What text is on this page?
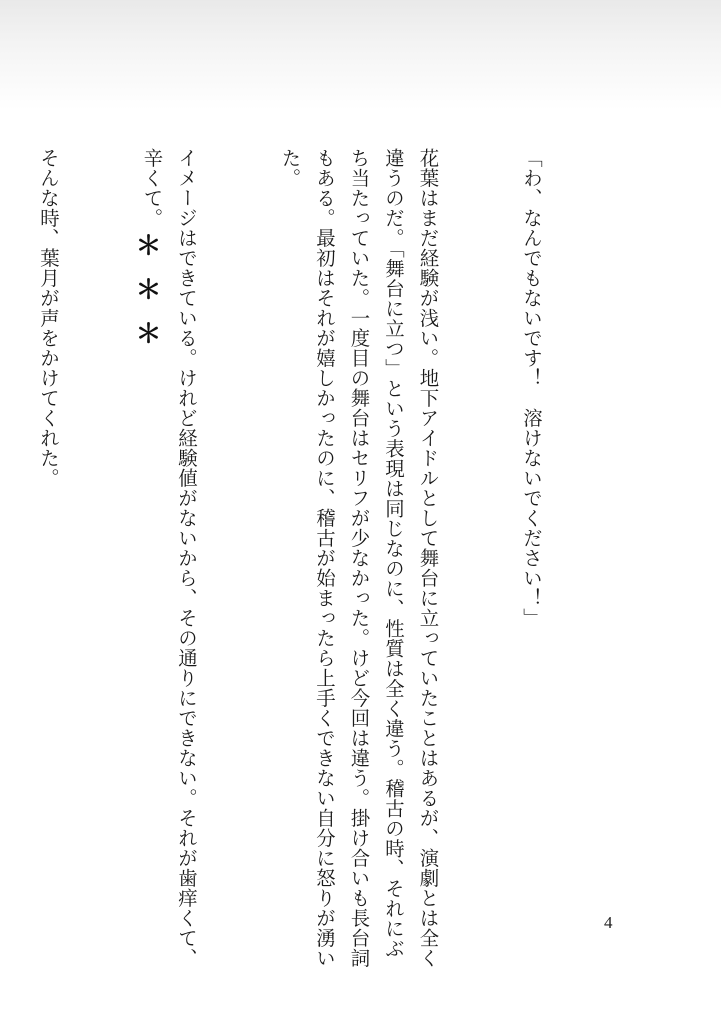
「わ、なんでもないです！　溶けないでください！」

花葉はまだ経験が浅い。地下アイドルとして舞台に立っていたことはあるが、演劇とは全く違うのだ。「舞台に立つ」という表現は同じなのに、性質は全く違う。稽古の時、それにぶち当たっていた。一度目の舞台はセリフが少なかった。けど今回は違う。掛け合いも長台詞もある。最初はそれが嬉しかったのに、稽古が始まったら上手くできない自分に怒りが湧いた。

イメージはできている。けれど経験値がないから、その通りにできない。それが歯痒くて、辛くて。

そんな時、葉月が声をかけてくれた。

	＊＊＊
4
